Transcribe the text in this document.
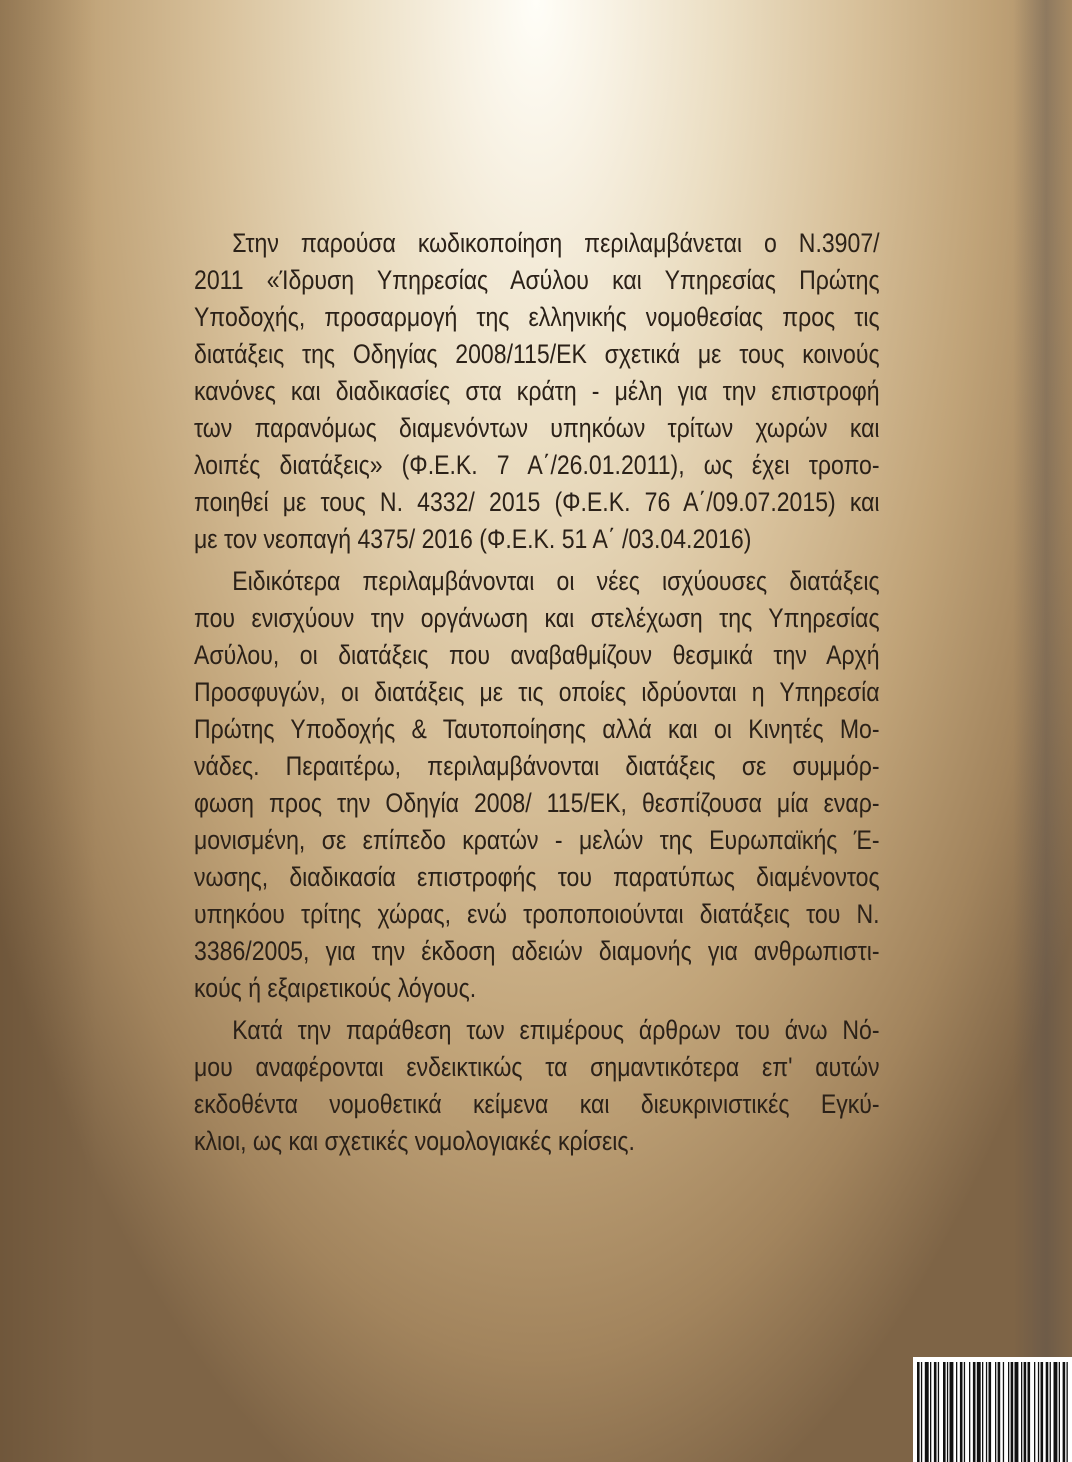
Στην παρούσα κωδικοποίηση περιλαμβάνεται ο Ν.3907/
2011 «Ίδρυση Υπηρεσίας Ασύλου και Υπηρεσίας Πρώτης
Υποδοχής, προσαρμογή της ελληνικής νομοθεσίας προς τις
διατάξεις της Οδηγίας 2008/115/ΕΚ σχετικά με τους κοινούς
κανόνες και διαδικασίες στα κράτη - μέλη για την επιστροφή
των παρανόμως διαμενόντων υπηκόων τρίτων χωρών και
λοιπές διατάξεις» (Φ.Ε.Κ. 7 Α΄/26.01.2011), ως έχει τροπο-
ποιηθεί με τους Ν. 4332/ 2015 (Φ.Ε.Κ. 76 Α΄/09.07.2015) και
με τον νεοπαγή 4375/ 2016 (Φ.Ε.Κ. 51 Α΄ /03.04.2016)
Ειδικότερα περιλαμβάνονται οι νέες ισχύουσες διατάξεις
που ενισχύουν την οργάνωση και στελέχωση της Υπηρεσίας
Ασύλου, οι διατάξεις που αναβαθμίζουν θεσμικά την Αρχή
Προσφυγών, οι διατάξεις με τις οποίες ιδρύονται η Υπηρεσία
Πρώτης Υποδοχής & Ταυτοποίησης αλλά και οι Κινητές Μο-
νάδες. Περαιτέρω, περιλαμβάνονται διατάξεις σε συμμόρ-
φωση προς την Οδηγία 2008/ 115/ΕΚ, θεσπίζουσα μία εναρ-
μονισμένη, σε επίπεδο κρατών - μελών της Ευρωπαϊκής Έ-
νωσης, διαδικασία επιστροφής του παρατύπως διαμένοντος
υπηκόου τρίτης χώρας, ενώ τροποποιούνται διατάξεις του Ν.
3386/2005, για την έκδοση αδειών διαμονής για ανθρωπιστι-
κούς ή εξαιρετικούς λόγους.
Κατά την παράθεση των επιμέρους άρθρων του άνω Νό-
μου αναφέρονται ενδεικτικώς τα σημαντικότερα επ' αυτών
εκδοθέντα νομοθετικά κείμενα και διευκρινιστικές Εγκύ-
κλιοι, ως και σχετικές νομολογιακές κρίσεις.
